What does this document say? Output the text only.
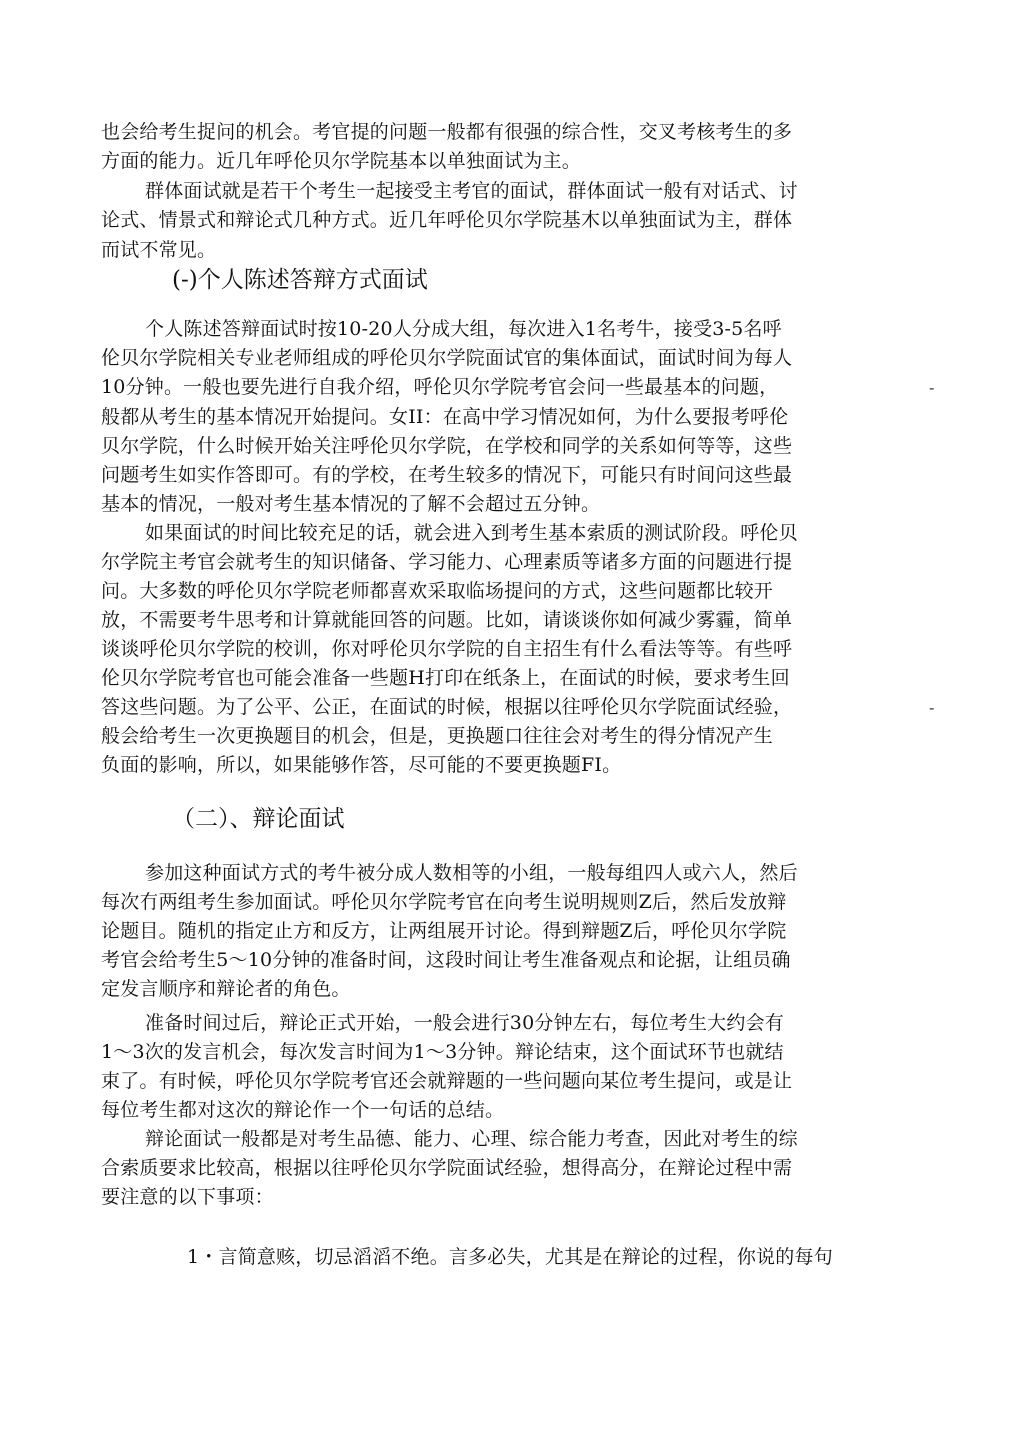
也会给考生捉问的机会。考官提的问题一般都有很强的综合性，交叉考核考生的多
方面的能力。近几年呼伦贝尔学院基本以单独面试为主。
群体面试就是若干个考生一起接受主考官的面试，群体面试一般有对话式、讨
论式、情景式和辩论式几种方式。近几年呼伦贝尔学院基木以单独面试为主，群体
而试不常见。
(-)个人陈述答辩方式面试
个人陈述答辩面试时按10-20人分成大组，每次进入1名考牛，接受3-5名呼
伦贝尔学院相关专业老师组成的呼伦贝尔学院面试官的集体面试，面试时间为每人
10分钟。一般也要先进行自我介绍，呼伦贝尔学院考官会问一些最基本的问题，
般都从考生的基本情况开始提问。女II：在高中学习情况如何，为什么要报考呼伦
贝尔学院，什么时候开始关注呼伦贝尔学院，在学校和同学的关系如何等等，这些
问题考生如实作答即可。有的学校，在考生较多的情况下，可能只有时间问这些最
基本的情况，一般对考生基本情况的了解不会超过五分钟。
如果面试的时间比较充足的话，就会进入到考生基本索质的测试阶段。呼伦贝
尔学院主考官会就考生的知识储备、学习能力、心理素质等诸多方面的问题进行提
问。大多数的呼伦贝尔学院老师都喜欢采取临场提问的方式，这些问题都比较开
放，不需要考牛思考和计算就能回答的问题。比如，请谈谈你如何减少雾霾，简单
谈谈呼伦贝尔学院的校训，你对呼伦贝尔学院的自主招生有什么看法等等。有些呼
伦贝尔学院考官也可能会准备一些题H打印在纸条上，在面试的时候，要求考生回
答这些问题。为了公平、公正，在面试的时候，根据以往呼伦贝尔学院面试经验，
般会给考生一次更换题目的机会，但是，更换题口往往会对考生的得分情况产生
负面的影响，所以，如果能够作答，尽可能的不要更换题FI。
（二）、辩论面试
参加这种面试方式的考牛被分成人数相等的小组，一般每组四人或六人，然后
每次冇两组考生参加面试。呼伦贝尔学院考官在向考生说明规则Z后，然后发放辩
论题目。随机的指定止方和反方，让两组展开讨论。得到辩题Z后，呼伦贝尔学院
考官会给考生5～10分钟的准备时间，这段时间让考生准备观点和论据，让组员确
定发言顺序和辩论者的角色。
准备时间过后，辩论正式开始，一般会进行30分钟左右，每位考生大约会有
1～3次的发言机会，每次发言时间为1～3分钟。辩论结束，这个面试环节也就结
束了。有时候，呼伦贝尔学院考官还会就辩题的一些问题向某位考生提问，或是让
每位考生都对这次的辩论作一个一句话的总结。
辩论面试一般都是对考生品德、能力、心理、综合能力考查，因此对考生的综
合索质要求比较高，根据以往呼伦贝尔学院面试经验，想得高分，在辩论过程中需
要注意的以下事项：
1・言简意赅，切忌滔滔不绝。言多必失，尤其是在辩论的过程，你说的每句
-
-
